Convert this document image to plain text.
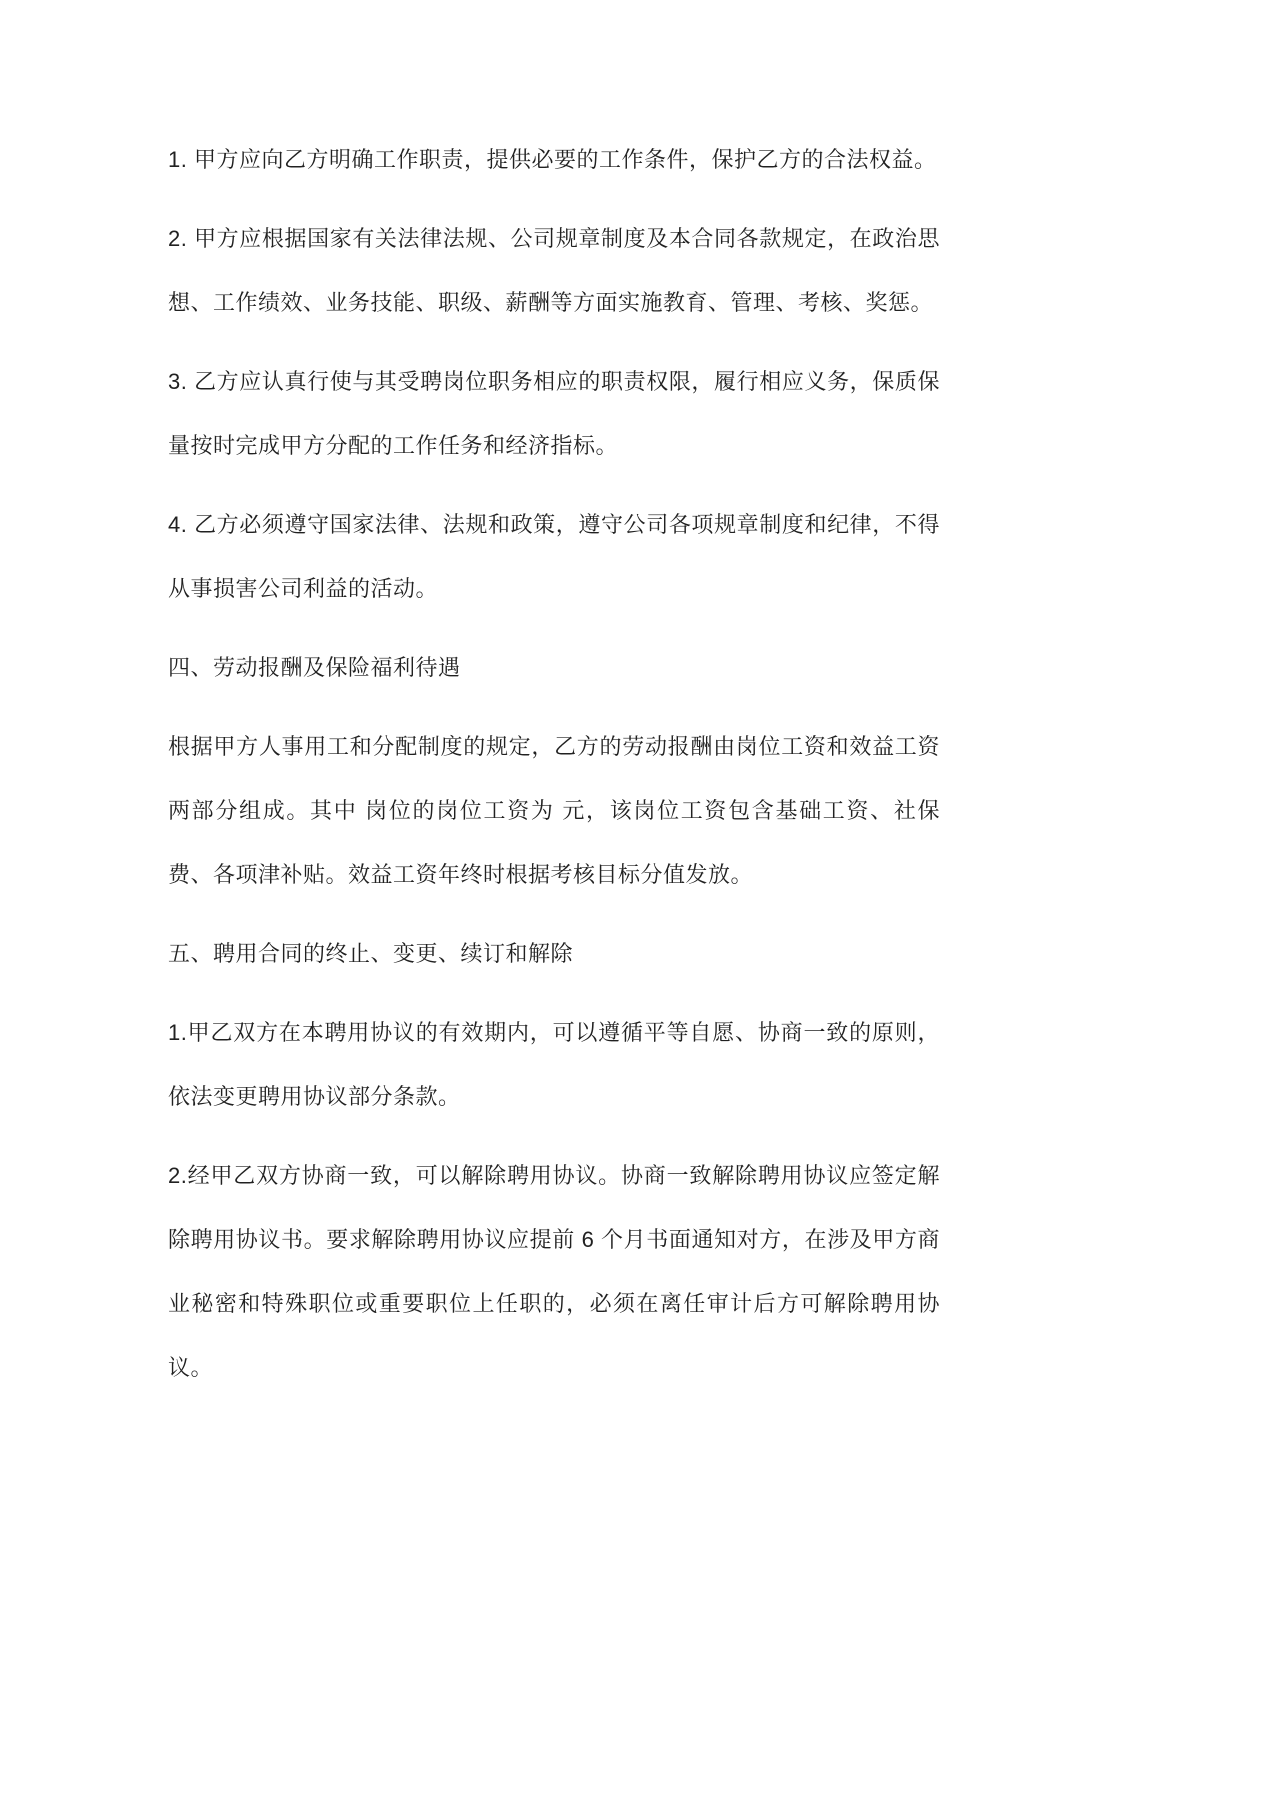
1. 甲方应向乙方明确工作职责，提供必要的工作条件，保护乙方的合法权益。

2. 甲方应根据国家有关法律法规、公司规章制度及本合同各款规定，在政治思想、工作绩效、业务技能、职级、薪酬等方面实施教育、管理、考核、奖惩。

3. 乙方应认真行使与其受聘岗位职务相应的职责权限，履行相应义务，保质保量按时完成甲方分配的工作任务和经济指标。

4. 乙方必须遵守国家法律、法规和政策，遵守公司各项规章制度和纪律，不得从事损害公司利益的活动。

四、劳动报酬及保险福利待遇

根据甲方人事用工和分配制度的规定，乙方的劳动报酬由岗位工资和效益工资两部分组成。其中 岗位的岗位工资为 元，该岗位工资包含基础工资、社保费、各项津补贴。效益工资年终时根据考核目标分值发放。

五、聘用合同的终止、变更、续订和解除

1.甲乙双方在本聘用协议的有效期内，可以遵循平等自愿、协商一致的原则，依法变更聘用协议部分条款。

2.经甲乙双方协商一致，可以解除聘用协议。协商一致解除聘用协议应签定解除聘用协议书。要求解除聘用协议应提前 6 个月书面通知对方，在涉及甲方商业秘密和特殊职位或重要职位上任职的，必须在离任审计后方可解除聘用协议。
